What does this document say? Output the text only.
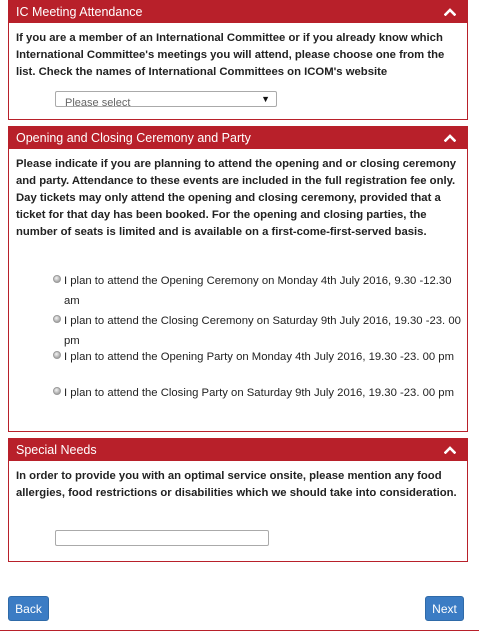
IC Meeting Attendance
If you are a member of an International Committee or if you already know which International Committee's meetings you will attend, please choose one from the list. Check the names of International Committees on ICOM's website
Please select	▼
Opening and Closing Ceremony and Party
Please indicate if you are planning to attend the opening and or closing ceremony and party. Attendance to these events are included in the full registration fee only. Day tickets may only attend the opening and closing ceremony, provided that a ticket for that day has been booked. For the opening and closing parties, the number of seats is limited and is available on a first-come-first-served basis.
I plan to attend the Opening Ceremony on Monday 4th July 2016, 9.30 -12.30 am
I plan to attend the Closing Ceremony on Saturday 9th July 2016, 19.30 -23. 00 pm
I plan to attend the Opening Party on Monday 4th July 2016, 19.30 -23. 00 pm
I plan to attend the Closing Party on Saturday 9th July 2016, 19.30 -23. 00 pm
Special Needs
In order to provide you with an optimal service onsite, please mention any food allergies, food restrictions or disabilities which we should take into consideration.
Back	Next
